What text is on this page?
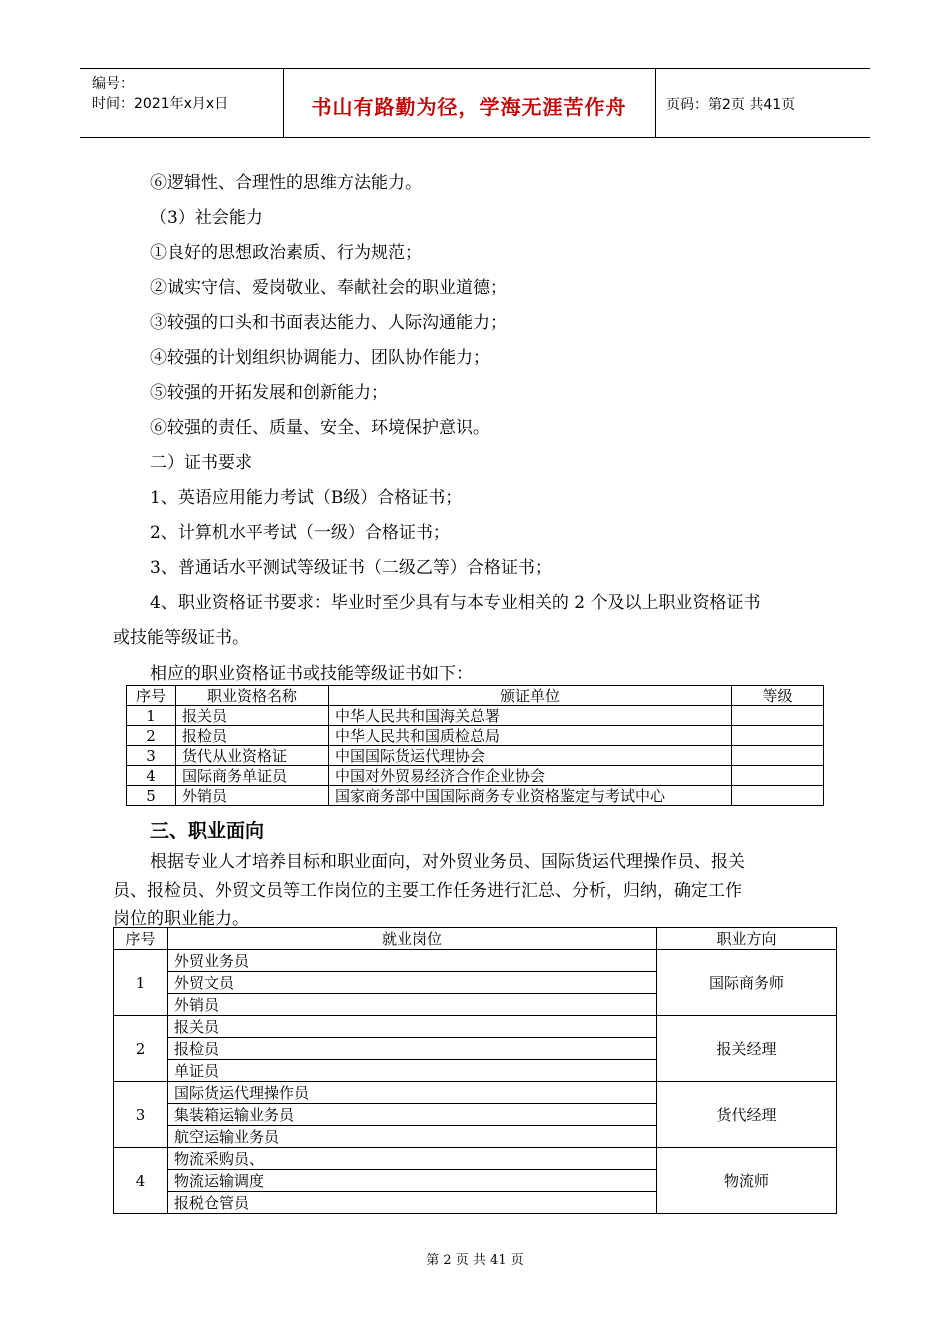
编号：
时间：2021年x月x日	书山有路勤为径，学海无涯苦作舟	页码：第2页 共41页
⑥逻辑性、合理性的思维方法能力。
（3）社会能力
①良好的思想政治素质、行为规范；
②诚实守信、爱岗敬业、奉献社会的职业道德；
③较强的口头和书面表达能力、人际沟通能力；
④较强的计划组织协调能力、团队协作能力；
⑤较强的开拓发展和创新能力；
⑥较强的责任、质量、安全、环境保护意识。
二）证书要求
1、英语应用能力考试（B级）合格证书；
2、计算机水平考试（一级）合格证书；
3、普通话水平测试等级证书（二级乙等）合格证书；
4、职业资格证书要求：毕业时至少具有与本专业相关的 2 个及以上职业资格证书
或技能等级证书。
相应的职业资格证书或技能等级证书如下：
序号	职业资格名称	颁证单位	等级
1	报关员	中华人民共和国海关总署	
2	报检员	中华人民共和国质检总局	
3	货代从业资格证	中国国际货运代理协会	
4	国际商务单证员	中国对外贸易经济合作企业协会	
5	外销员	国家商务部中国国际商务专业资格鉴定与考试中心	
三、职业面向
根据专业人才培养目标和职业面向，对外贸业务员、国际货运代理操作员、报关
员、报检员、外贸文员等工作岗位的主要工作任务进行汇总、分析，归纳，确定工作
岗位的职业能力。
序号	就业岗位	职业方向
1	外贸业务员	国际商务师
	外贸文员	
	外销员	
2	报关员	报关经理
	报检员	
	单证员	
3	国际货运代理操作员	货代经理
	集装箱运输业务员	
	航空运输业务员	
4	物流采购员、	物流师
	物流运输调度	
	报税仓管员	
第 2 页 共 41 页
